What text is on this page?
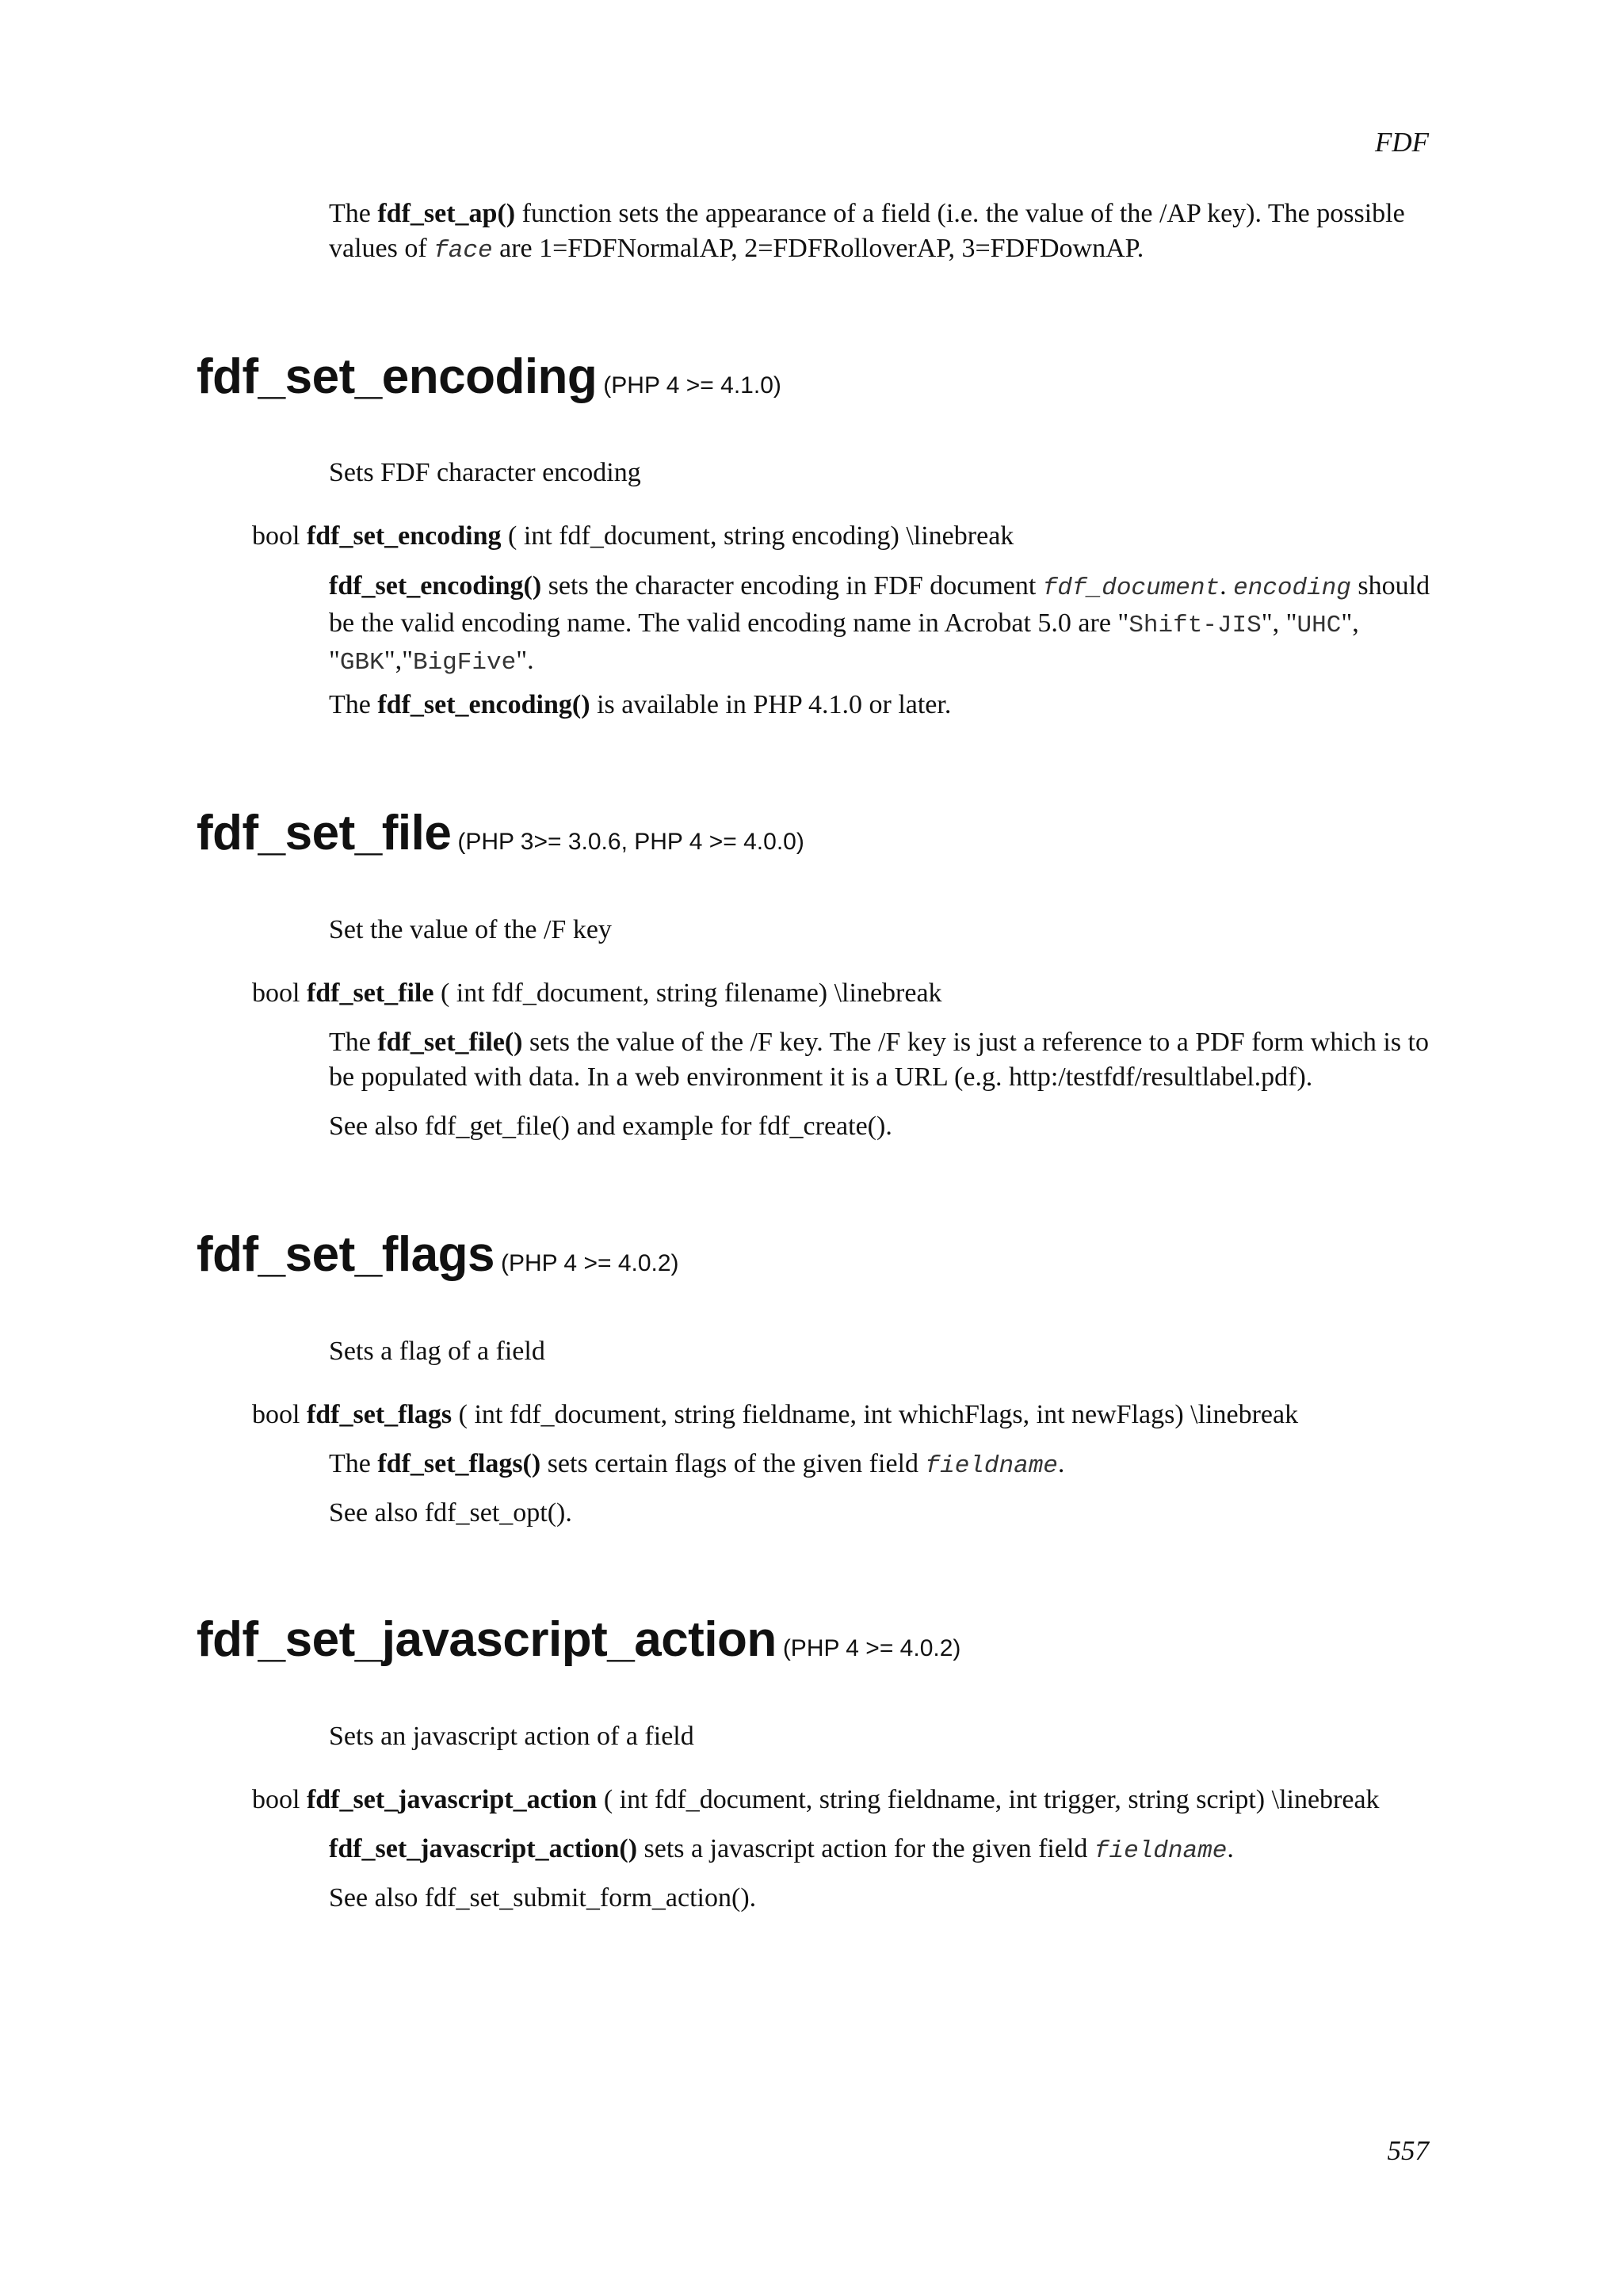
FDF

The fdf_set_ap() function sets the appearance of a field (i.e. the value of the /AP key). The possible values of face are 1=FDFNormalAP, 2=FDFRolloverAP, 3=FDFDownAP.

fdf_set_encoding (PHP 4 >= 4.1.0)

Sets FDF character encoding

bool fdf_set_encoding ( int fdf_document, string encoding) \linebreak

fdf_set_encoding() sets the character encoding in FDF document fdf_document. encoding should be the valid encoding name. The valid encoding name in Acrobat 5.0 are "Shift-JIS", "UHC", "GBK","BigFive".

The fdf_set_encoding() is available in PHP 4.1.0 or later.

fdf_set_file (PHP 3>= 3.0.6, PHP 4 >= 4.0.0)

Set the value of the /F key

bool fdf_set_file ( int fdf_document, string filename) \linebreak

The fdf_set_file() sets the value of the /F key. The /F key is just a reference to a PDF form which is to be populated with data. In a web environment it is a URL (e.g. http:/testfdf/resultlabel.pdf).

See also fdf_get_file() and example for fdf_create().

fdf_set_flags (PHP 4 >= 4.0.2)

Sets a flag of a field

bool fdf_set_flags ( int fdf_document, string fieldname, int whichFlags, int newFlags) \linebreak

The fdf_set_flags() sets certain flags of the given field fieldname.

See also fdf_set_opt().

fdf_set_javascript_action (PHP 4 >= 4.0.2)

Sets an javascript action of a field

bool fdf_set_javascript_action ( int fdf_document, string fieldname, int trigger, string script) \linebreak

fdf_set_javascript_action() sets a javascript action for the given field fieldname.

See also fdf_set_submit_form_action().

557
